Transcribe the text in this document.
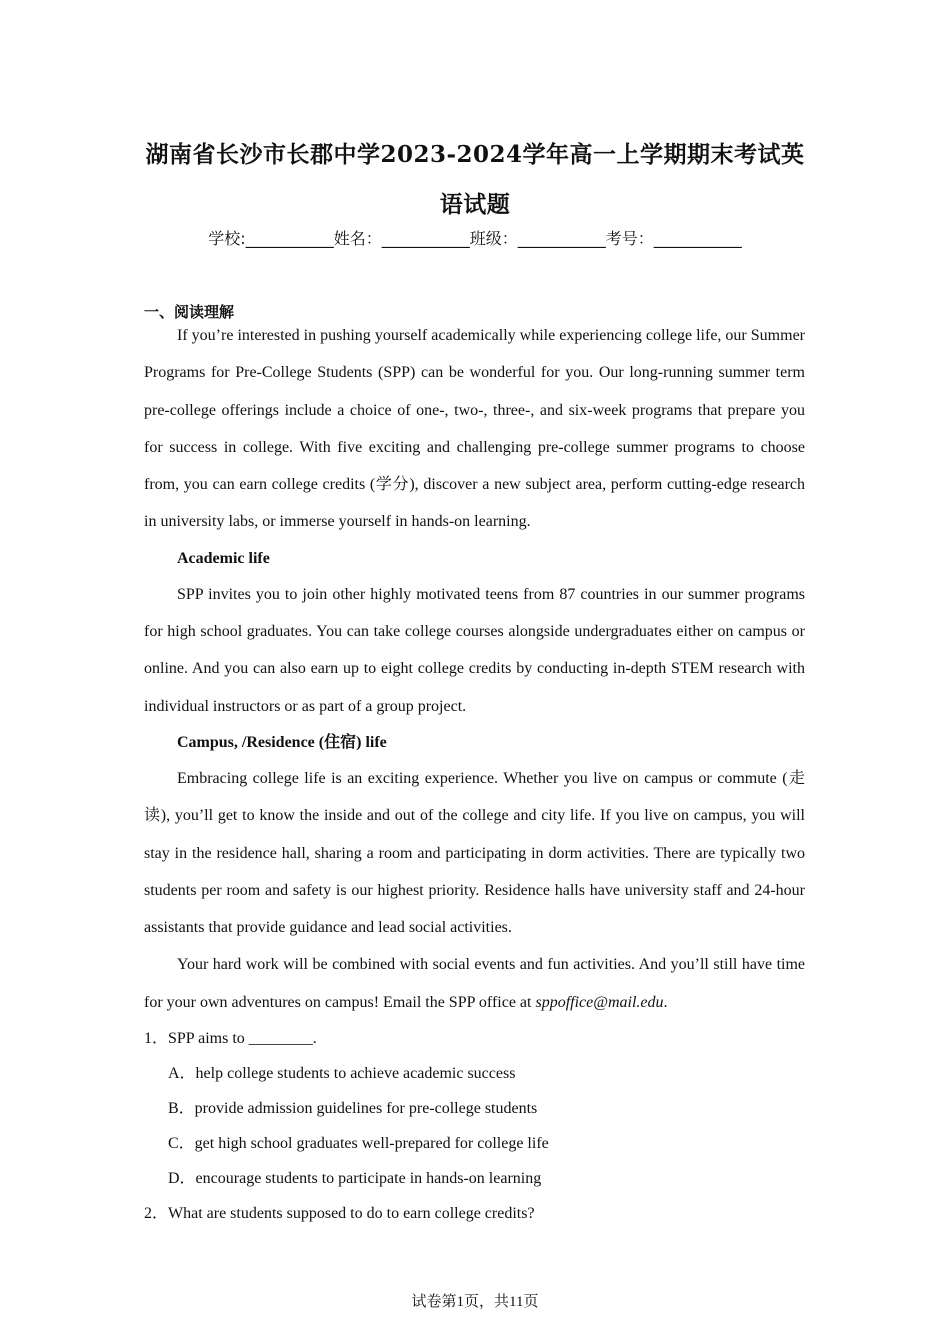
湖南省长沙市长郡中学2023-2024学年高一上学期期末考试英
语试题
学校:___________姓名：___________班级：___________考号：___________
一、阅读理解

If you’re interested in pushing yourself academically while experiencing college life, our Summer Programs for Pre-College Students (SPP) can be wonderful for you. Our long-running summer term pre-college offerings include a choice of one-, two-, three-, and six-week programs that prepare you for success in college. With five exciting and challenging pre-college summer programs to choose from, you can earn college credits (学分), discover a new subject area, perform cutting-edge research in university labs, or immerse yourself in hands-on learning.

Academic life

SPP invites you to join other highly motivated teens from 87 countries in our summer programs for high school graduates. You can take college courses alongside undergraduates either on campus or online. And you can also earn up to eight college credits by conducting in-depth STEM research with individual instructors or as part of a group project.

Campus, /Residence (住宿) life

Embracing college life is an exciting experience. Whether you live on campus or commute (走读), you’ll get to know the inside and out of the college and city life. If you live on campus, you will stay in the residence hall, sharing a room and participating in dorm activities. There are typically two students per room and safety is our highest priority. Residence halls have university staff and 24-hour assistants that provide guidance and lead social activities.

Your hard work will be combined with social events and fun activities. And you’ll still have time for your own adventures on campus! Email the SPP office at sppoffice@mail.edu.

1．SPP aims to ________.

A．help college students to achieve academic success

B．provide admission guidelines for pre-college students

C．get high school graduates well-prepared for college life

D．encourage students to participate in hands-on learning

2．What are students supposed to do to earn college credits?

试卷第1页，共11页
